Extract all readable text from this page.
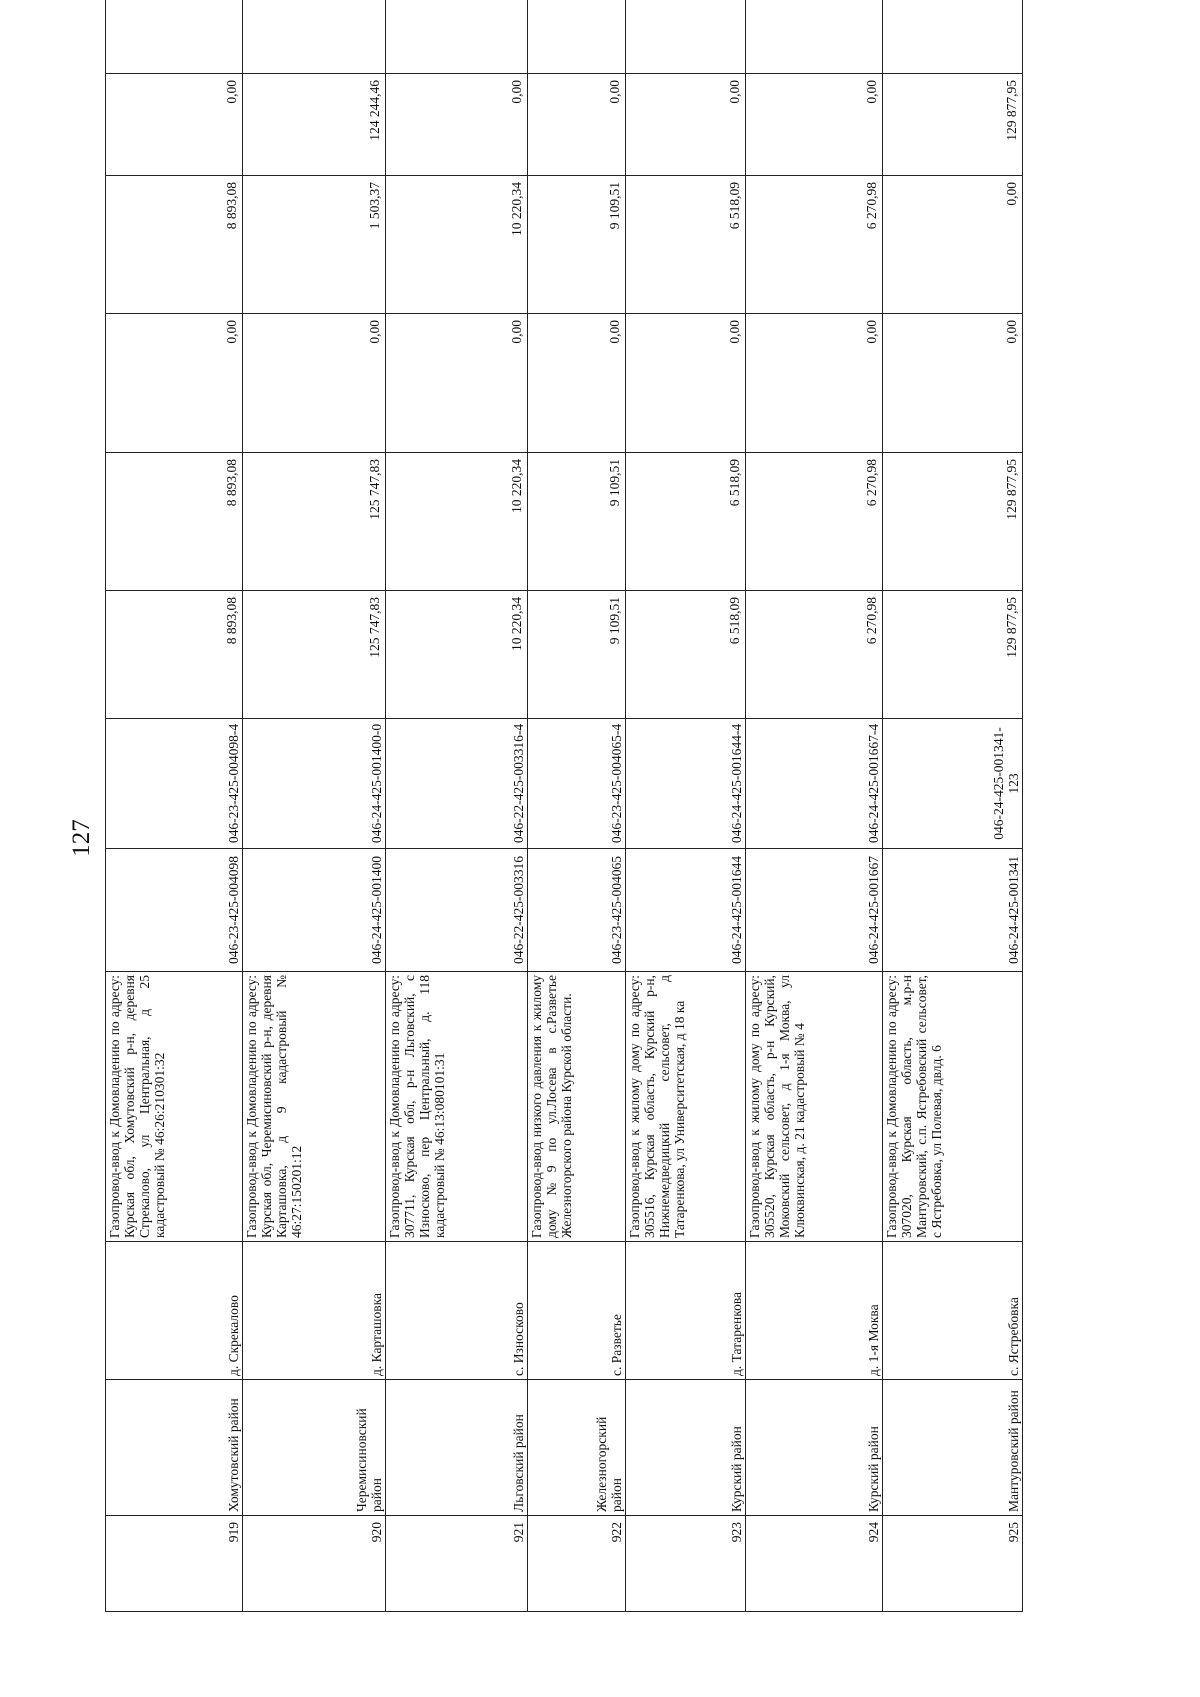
127
919	Хомутовский район	д. Скрекалово	Газопровод-ввод к Домовладению по адресу: Курская обл, Хомутовский р-н, деревня Стрекалово, ул Центральная, д 25 кадастровый № 46:26:210301:32	046-23-425-004098	046-23-425-004098-4	8 893,08	8 893,08	0,00	8 893,08	0,00	
920	Черемисиновский район	д. Карташовка	Газопровод-ввод к Домовладению по адресу: Курская обл, Черемисиновский р-н, деревня Карташовка, д 9 кадастровый № 46:27:150201:12	046-24-425-001400	046-24-425-001400-0	125 747,83	125 747,83	0,00	1 503,37	124 244,46	
921	Льговский район	с. Износково	Газопровод-ввод к Домовладению по адресу: 307711, Курская обл, р-н Льговский, с Износково, пер Центральный, д. 118 кадастровый № 46:13:080101:31	046-22-425-003316	046-22-425-003316-4	10 220,34	10 220,34	0,00	10 220,34	0,00	
922	Железногорский район	с. Разветье	Газопровод-ввод низкого давления к жилому дому №9 по ул.Лосева в с.Разветье Железногорского района Курской области.	046-23-425-004065	046-23-425-004065-4	9 109,51	9 109,51	0,00	9 109,51	0,00	
923	Курский район	д. Татаренкова	Газопровод-ввод к жилому дому по адресу: 305516, Курская область, Курский р-н, Нижнемедведицкий сельсовет, д Татаренкова, ул Университетская, д 18 ка	046-24-425-001644	046-24-425-001644-4	6 518,09	6 518,09	0,00	6 518,09	0,00	
924	Курский район	д. 1-я Моква	Газопровод-ввод к жилому дому по адресу: 305520, Курская область, р-н Курский, Моковский сельсовет, д 1-я Моква, ул Клюквинская, д. 21 кадастровый № 4	046-24-425-001667	046-24-425-001667-4	6 270,98	6 270,98	0,00	6 270,98	0,00	
925	Мантуровский район	с. Ястребовка	Газопровод-ввод к Домовладению по адресу: 307020, Курская область, м.р-н Мантуровский, с.п. Ястребовский сельсовет, с Ястребовка, ул Полевая, двлд. 6	046-24-425-001341	046-24-425-001341-123	129 877,95	129 877,95	0,00	0,00	129 877,95	
